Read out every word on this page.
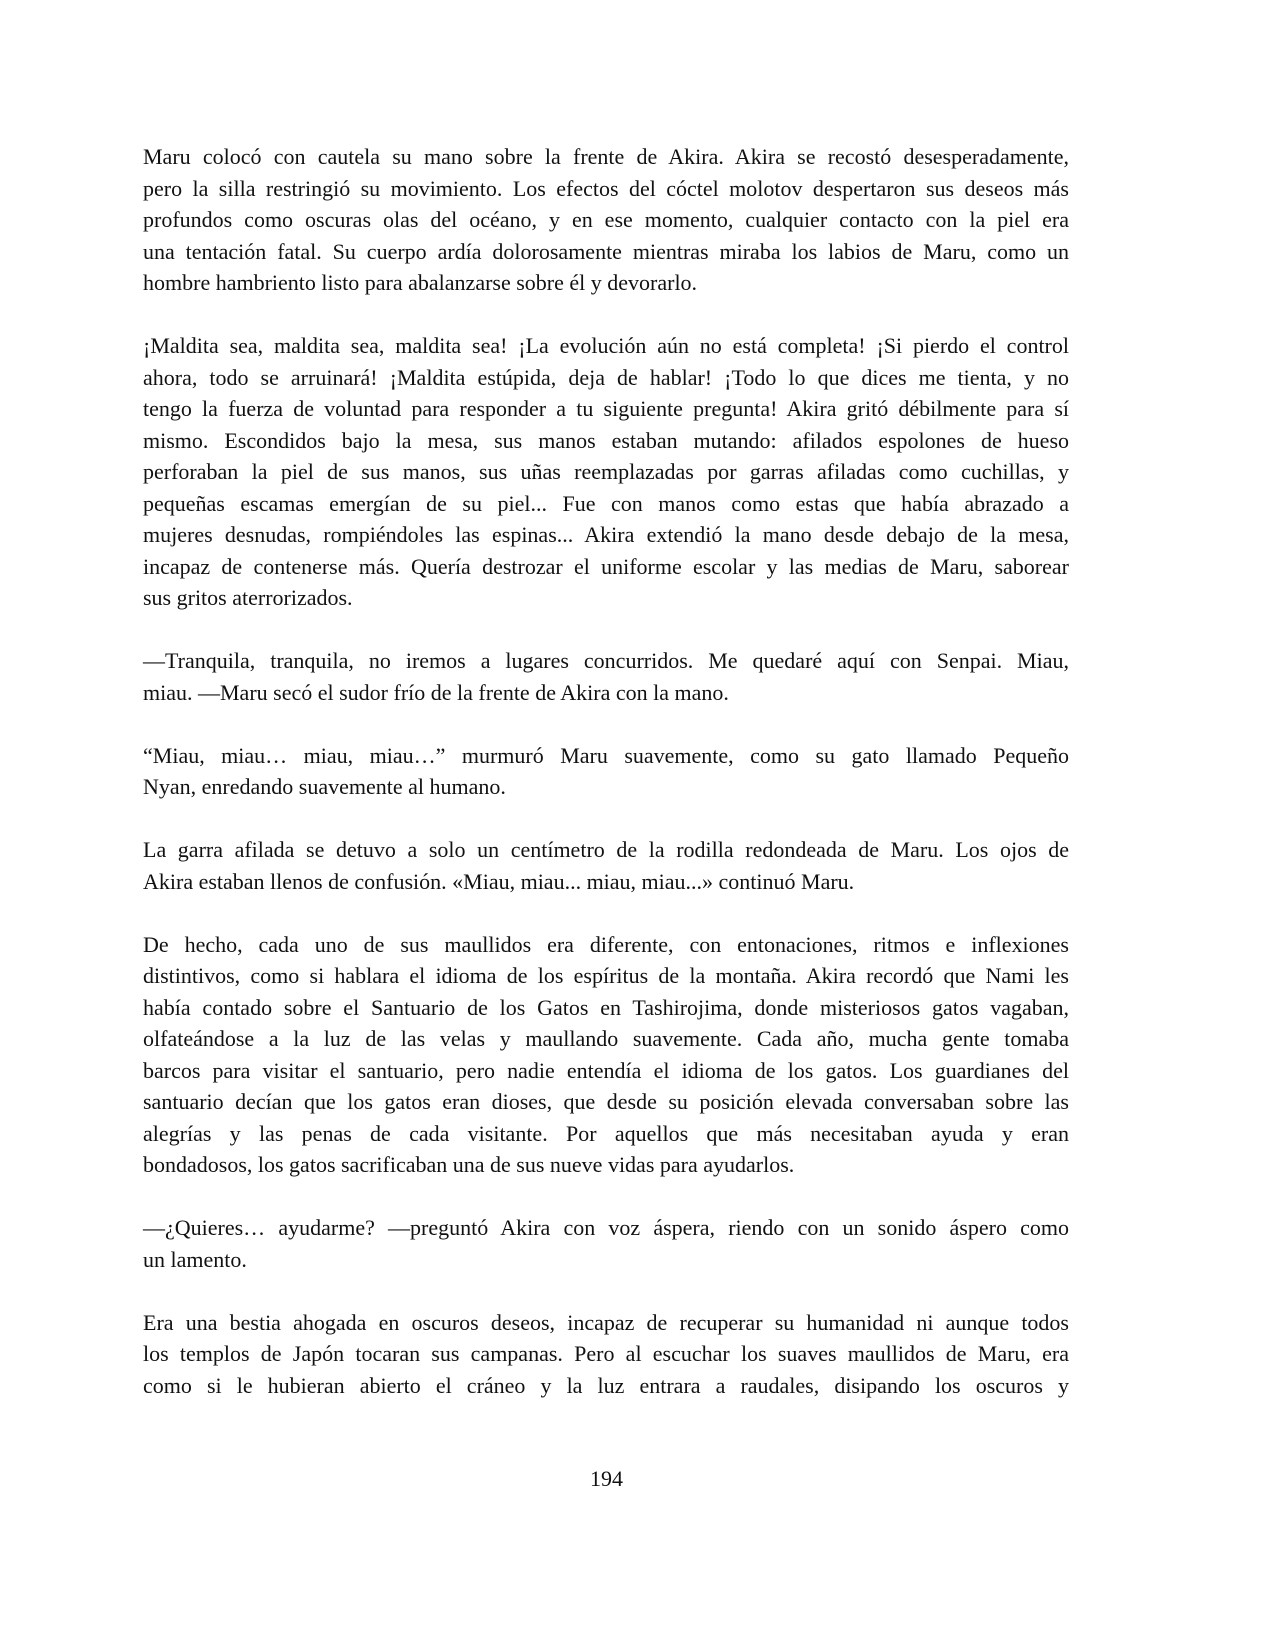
Maru colocó con cautela su mano sobre la frente de Akira. Akira se recostó desesperadamente,
pero la silla restringió su movimiento. Los efectos del cóctel molotov despertaron sus deseos más
profundos como oscuras olas del océano, y en ese momento, cualquier contacto con la piel era
una tentación fatal. Su cuerpo ardía dolorosamente mientras miraba los labios de Maru, como un
hombre hambriento listo para abalanzarse sobre él y devorarlo.
¡Maldita sea, maldita sea, maldita sea! ¡La evolución aún no está completa! ¡Si pierdo el control
ahora, todo se arruinará! ¡Maldita estúpida, deja de hablar! ¡Todo lo que dices me tienta, y no
tengo la fuerza de voluntad para responder a tu siguiente pregunta! Akira gritó débilmente para sí
mismo. Escondidos bajo la mesa, sus manos estaban mutando: afilados espolones de hueso
perforaban la piel de sus manos, sus uñas reemplazadas por garras afiladas como cuchillas, y
pequeñas escamas emergían de su piel... Fue con manos como estas que había abrazado a
mujeres desnudas, rompiéndoles las espinas... Akira extendió la mano desde debajo de la mesa,
incapaz de contenerse más. Quería destrozar el uniforme escolar y las medias de Maru, saborear
sus gritos aterrorizados.
—Tranquila, tranquila, no iremos a lugares concurridos. Me quedaré aquí con Senpai. Miau,
miau. —Maru secó el sudor frío de la frente de Akira con la mano.
“Miau, miau… miau, miau…” murmuró Maru suavemente, como su gato llamado Pequeño
Nyan, enredando suavemente al humano.
La garra afilada se detuvo a solo un centímetro de la rodilla redondeada de Maru. Los ojos de
Akira estaban llenos de confusión. «Miau, miau... miau, miau...» continuó Maru.
De hecho, cada uno de sus maullidos era diferente, con entonaciones, ritmos e inflexiones
distintivos, como si hablara el idioma de los espíritus de la montaña. Akira recordó que Nami les
había contado sobre el Santuario de los Gatos en Tashirojima, donde misteriosos gatos vagaban,
olfateándose a la luz de las velas y maullando suavemente. Cada año, mucha gente tomaba
barcos para visitar el santuario, pero nadie entendía el idioma de los gatos. Los guardianes del
santuario decían que los gatos eran dioses, que desde su posición elevada conversaban sobre las
alegrías y las penas de cada visitante. Por aquellos que más necesitaban ayuda y eran
bondadosos, los gatos sacrificaban una de sus nueve vidas para ayudarlos.
—¿Quieres… ayudarme? —preguntó Akira con voz áspera, riendo con un sonido áspero como
un lamento.
Era una bestia ahogada en oscuros deseos, incapaz de recuperar su humanidad ni aunque todos
los templos de Japón tocaran sus campanas. Pero al escuchar los suaves maullidos de Maru, era
como si le hubieran abierto el cráneo y la luz entrara a raudales, disipando los oscuros y
194
